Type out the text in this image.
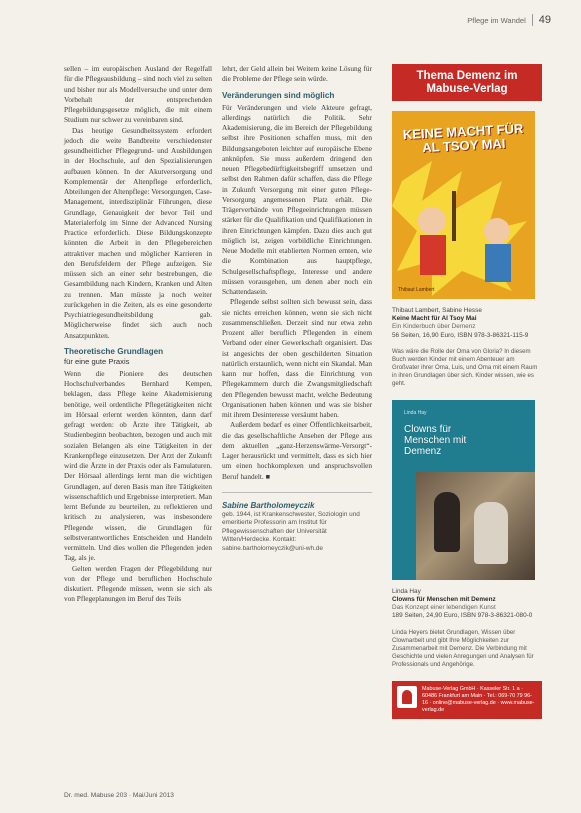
Pflege im Wandel	49

sellen – im europäischen Ausland der Regelfall für die Pflegeausbildung – sind noch viel zu selten und bisher nur als Modellversuche und unter dem Vorbehalt der entsprechenden Pflegebildungsgesetze möglich, die mit einem Studium nur schwer zu vereinbaren sind.

Das heutige Gesundheitssystem erfordert jedoch die weite Bandbreite verschiedenster gesundheitlicher Pflegegrund- und Ausbildungen in der Hochschule, auf den Spezialisierungen aufbauen können. In der Akutversorgung und Komplementär der Altenpflege erforderlich, Abteilungen der Altenpflege: Versorgungen, Case-Management, interdisziplinär Führungen, diese Grundlage, Genauigkeit der bevor Teil und Materialerfolg im Sinne der Advanced Nursing Practice erforderlich. Diese Bildungskonzepte könnten die Arbeit in den Pflegebereichen attraktiver machen und möglicher Karrieren in den Berufsfeldern der Pflege aufzeigen. Sie müssen sich an einer sehr bestrebungen, die Gesamtbildung nach Kindern, Kranken und Alten zu trennen. Man müsste ja noch weiter zurückgehen in die Zeiten, als es eine gesonderte Psychiatriegesundheitsbildung gab. Möglicherweise findet sich auch noch Ansatzpunkten.

Theoretische Grundlagen
für eine gute Praxis

Wenn die Pioniere des deutschen Hochschulverbandes Bernhard Kempen, beklagen, dass Pflege keine Akademisierung benötige, weil ordentliche Pflegetätigkeiten nicht im Hörsaal erlernt werden könnten, dann darf gefragt werden: ob Ärzte ihre Tätigkeit, ab Studienbeginn beobachten, bezogen und auch mit sozialen Belangen als eine Tätigkeiten in der Krankenpflege einzusetzen. Der Arzt der Zukunft wird die Ärzte in der Praxis oder als Famulaturen. Der Hörsaal allerdings lernt man die wichtigen Grundlagen, auf deren Basis man ihre Tätigkeiten wissenschaftlich und Ergebnisse interpretiert. Man lernt Befunde zu beurteilen, zu reflektieren und kritisch zu analysieren, was insbesondere Pflegende wissen, die Grundlagen für selbstverantwortliches Entscheiden und Handeln vermitteln. Und dies wollen die Pflegenden jeden Tag, als je.

Gelten werden Fragen der Pflegebildung nur von der Pflege und beruflichen Hochschule diskutiert. Pflegende müssen, wenn sie sich als von Pflegeplanungen im Beruf des Teils

lehrt, der Geld allein bei Weitem keine Lösung für die Probleme der Pflege sein würde.

Veränderungen sind möglich

Für Veränderungen und viele Akteure gefragt, allerdings natürlich die Politik. Sehr Akademisierung, die im Bereich der Pflegebildung selbst ihre Positionen schaffen muss, mit den Bildungsangeboten leichter auf europäische Ebene anknüpfen. Sie muss außerdem dringend den neuen Pflegebedürftigkeitsbegriff umsetzen und selbst den Rahmen dafür schaffen, dass die Pflege in Zukunft Versorgung mit einer guten Pflege-Versorgung angemessenen Platz erhält. Die Trägerverbände von Pflegeeinrichtungen müssen stärker für die Qualifikation und Qualifikationen in ihren Einrichtungen kämpfen. Dazu dies auch gut möglich ist, zeigen vorbildliche Einrichtungen. Neue Modelle mit etablierten Normen ernten, wie die Kombination aus hauptpflege, Schulgesellschaftspflege, Interesse und andere müssen vorausgehen, um denen aber noch ein Schattendasein.

Pflegende selbst sollten sich bewusst sein, dass sie nichts erreichen können, wenn sie sich nicht zusammenschließen. Derzeit sind nur etwa zehn Prozent aller beruflich Pflegenden in einem Verband oder einer Gewerkschaft organisiert. Das ist angesichts der oben geschilderten Situation natürlich erstaunlich, wenn nicht ein Skandal. Man kann nur hoffen, dass die Einrichtung von Pflegekammern durch die Zwangsmitgliedschaft den Pflegenden bewusst macht, welche Bedeutung Organisationen haben können und was sie bisher mit ihrem Desinteresse versäumt haben.

Außerdem bedarf es einer Öffentlichkeitsarbeit, die das gesellschaftliche Ansehen der Pflege aus dem aktuellen „ganz-Herzenswärme-Versorgt“-Lager herausrückt und vermittelt, dass es sich hier um einen hochkomplexen und anspruchsvollen Beruf handelt. ■

Sabine Bartholomeyczik
geb. 1944, ist Krankenschwester, Soziologin und emeritierte Professorin am Institut für Pflegewissenschaften der Universität Witten/Herdecke. Kontakt: sabine.bartholomeyczik@uni-wh.de
Thema Demenz im Mabuse-Verlag
KEINE MACHT FÜR AL TSOY MAI
Thibaut Lambert
Thibaut Lambert, Sabine Hesse
Keine Macht für Al Tsoy Mai
Ein Kinderbuch über Demenz
56 Seiten, 16,90 Euro, ISBN 978-3-86321-115-9
Was wäre die Rolle der Oma von Gloria? In diesem Buch werden Kinder mit einem Abenteuer am Großvater ihrer Oma, Luis, und Oma mit einem Raum in ihren Grundlagen über sich. Kinder wissen, wie es geht.
Linda Hay
Clowns für Menschen mit Demenz
Linda Hay
Clowns für Menschen mit Demenz
Das Konzept einer lebendigen Kunst
189 Seiten, 24,90 Euro, ISBN 978-3-86321-080-0
Linda Heyers bietet Grundlagen, Wissen über Clownarbeit und gibt Ihre Möglichkeiten zur Zusammenarbeit mit Demenz. Die Verbindung mit Geschichte und vielen Anregungen und Analysen für Professionals und Angehörige.
Mabuse-Verlag GmbH · Kasseler Str. 1 a · 60486 Frankfurt am Main · Tel.: 069-70 79 96-16 · online@mabuse-verlag.de · www.mabuse-verlag.de
Dr. med. Mabuse 203 · Mai/Juni 2013
